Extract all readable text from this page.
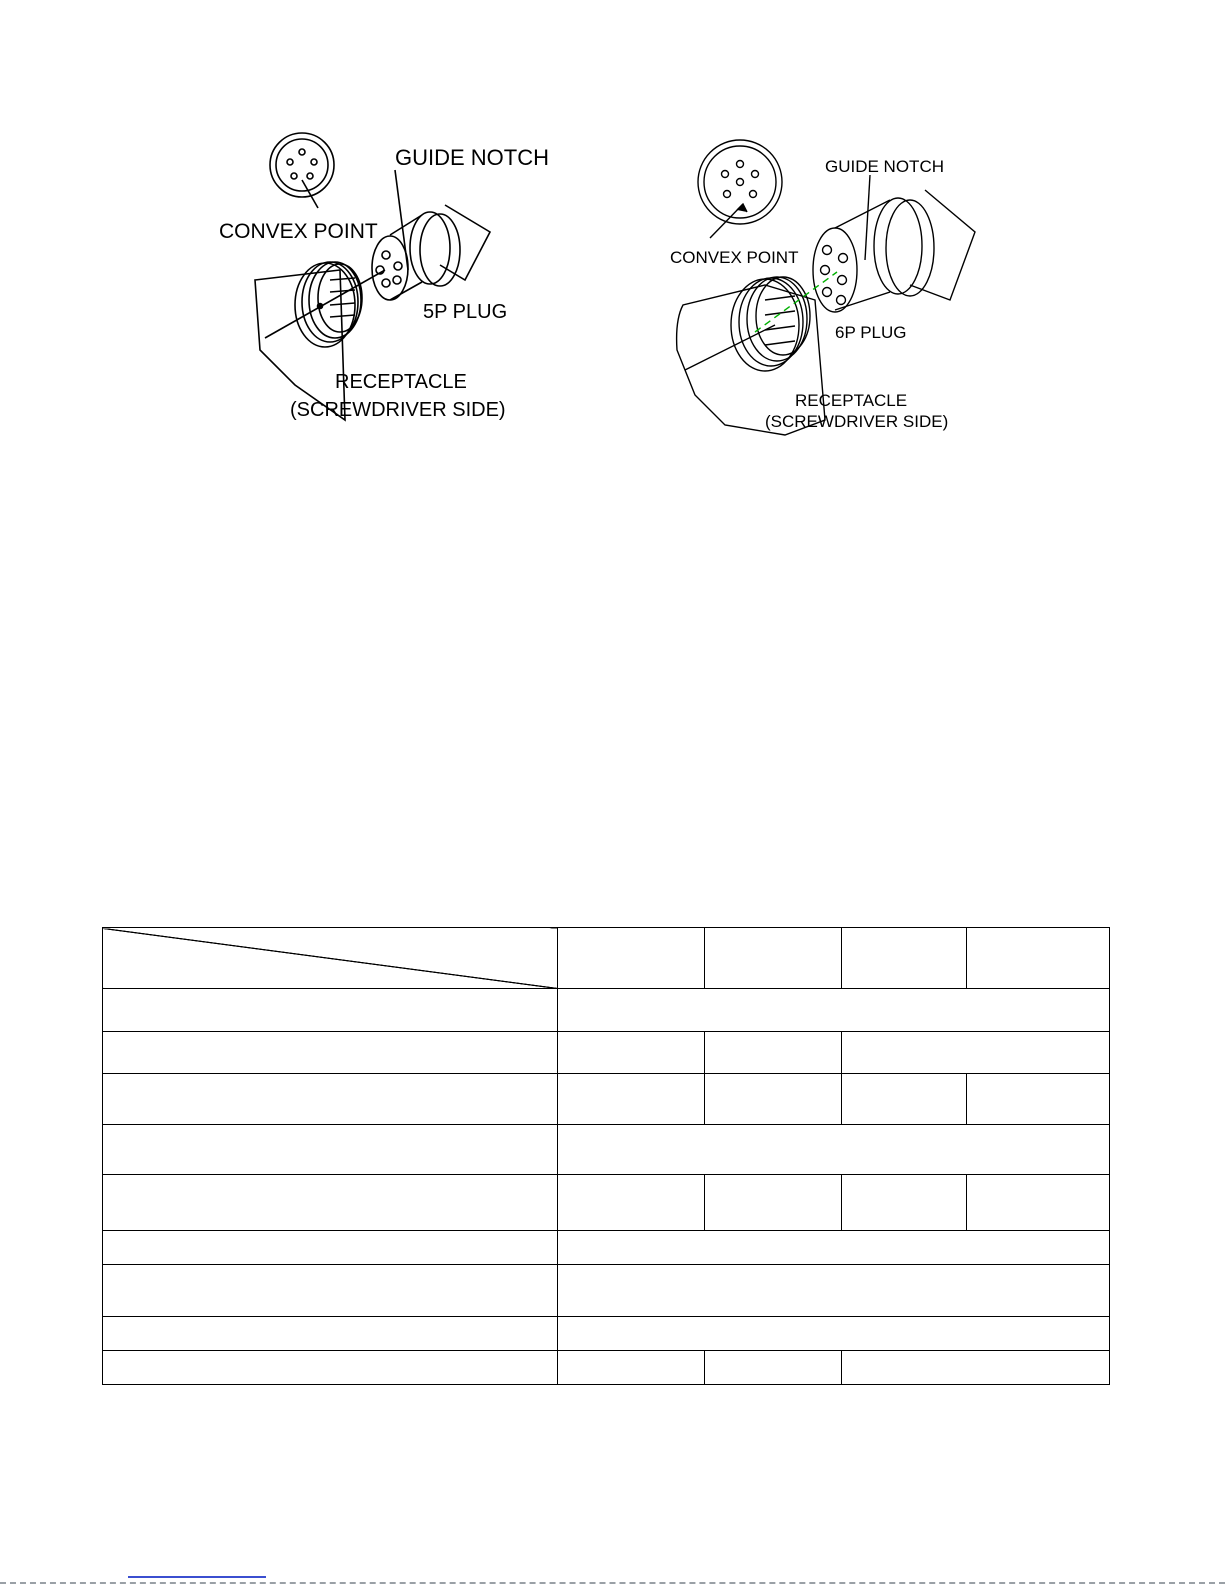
GUIDE NOTCH
CONVEX POINT
5P PLUG
RECEPTACLE
(SCREWDRIVER SIDE)
GUIDE NOTCH
CONVEX POINT
6P PLUG
RECEPTACLE
(SCREWDRIVER SIDE)
